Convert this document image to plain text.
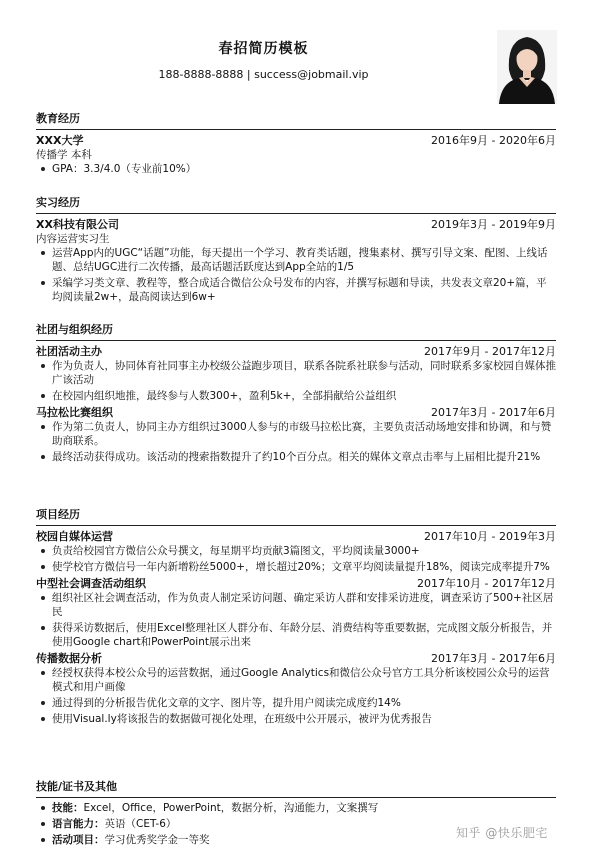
春招简历模板
188-8888-8888 | success@jobmail.vip
教育经历
XXX大学	2016年9月 - 2020年6月
传播学 本科
GPA：3.3/4.0（专业前10%）
实习经历
XX科技有限公司	2019年3月 - 2019年9月
内容运营实习生
运营App内的UGC“话题”功能，每天提出一个学习、教育类话题，搜集素材、撰写引导文案、配图、上线话题、总结UGC进行二次传播，最高话题活跃度达到App全站的1/5
采编学习类文章、教程等，整合成适合微信公众号发布的内容，并撰写标题和导读，共发表文章20+篇，平均阅读量2w+，最高阅读达到6w+
社团与组织经历
社团活动主办	2017年9月 - 2017年12月
作为负责人，协同体育社同事主办校级公益跑步项目，联系各院系社联参与活动，同时联系多家校园自媒体推广该活动
在校园内组织地推，最终参与人数300+，盈利5k+，全部捐献给公益组织
马拉松比赛组织	2017年3月 - 2017年6月
作为第二负责人，协同主办方组织过3000人参与的市级马拉松比赛，主要负责活动场地安排和协调，和与赞助商联系。
最终活动获得成功。该活动的搜索指数提升了约10个百分点。相关的媒体文章点击率与上届相比提升21%
项目经历
校园自媒体运营	2017年10月 - 2019年3月
负责给校园官方微信公众号撰文，每星期平均贡献3篇图文，平均阅读量3000+
使学校官方微信号一年内新增粉丝5000+，增长超过20%；文章平均阅读量提升18%，阅读完成率提升7%
中型社会调查活动组织	2017年10月 - 2017年12月
组织社区社会调查活动，作为负责人制定采访问题、确定采访人群和安排采访进度，调查采访了500+社区居民
获得采访数据后，使用Excel整理社区人群分布、年龄分层、消费结构等重要数据，完成图文版分析报告，并使用Google chart和PowerPoint展示出来
传播数据分析	2017年3月 - 2017年6月
经授权获得本校公众号的运营数据，通过Google Analytics和微信公众号官方工具分析该校园公众号的运营模式和用户画像
通过得到的分析报告优化文章的文字、图片等，提升用户阅读完成度约14%
使用Visual.ly将该报告的数据做可视化处理，在班级中公开展示，被评为优秀报告
技能/证书及其他
技能：Excel，Office，PowerPoint，数据分析，沟通能力，文案撰写
语言能力：英语（CET-6）
活动项目：学习优秀奖学金一等奖	知乎 @快乐肥宅
